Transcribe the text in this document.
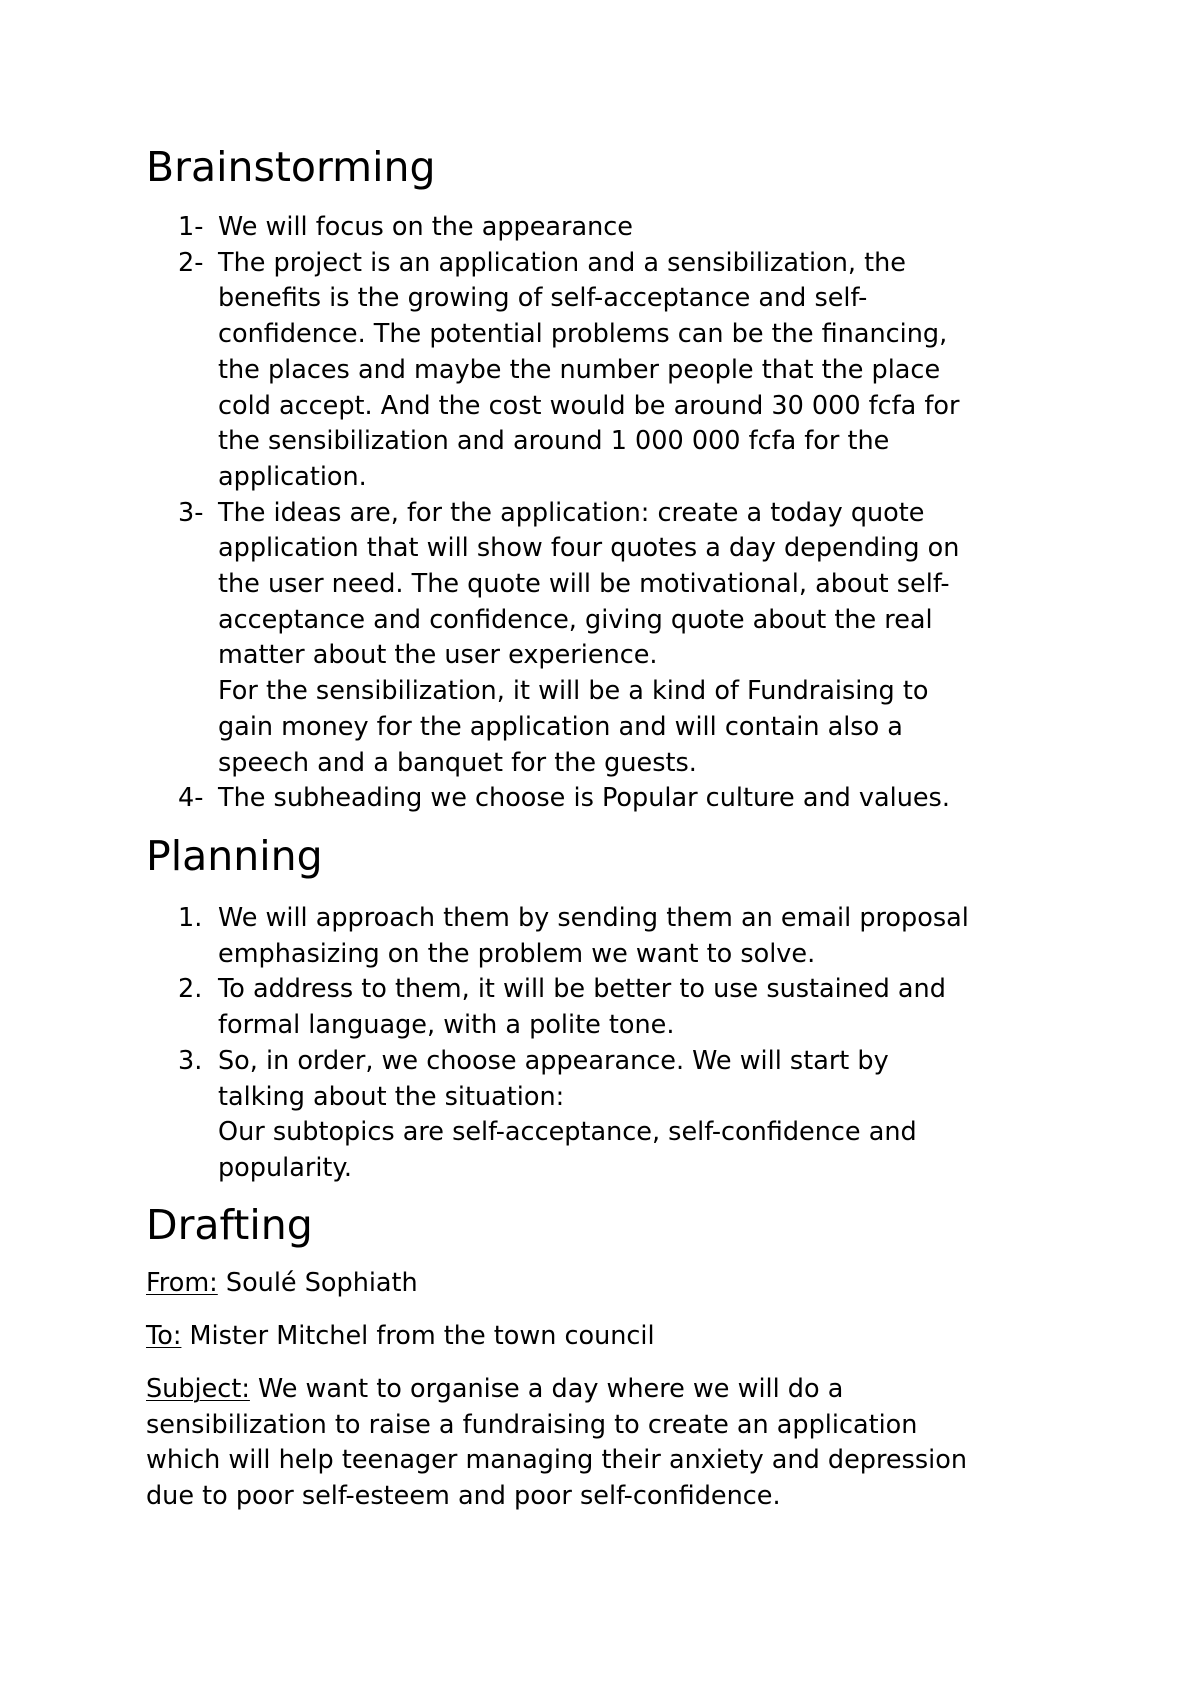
Brainstorming
1- We will focus on the appearance
2- The project is an application and a sensibilization, the
benefits is the growing of self-acceptance and self-
confidence. The potential problems can be the financing,
the places and maybe the number people that the place
cold accept. And the cost would be around 30 000 fcfa for
the sensibilization and around 1 000 000 fcfa for the
application.
3- The ideas are, for the application: create a today quote
application that will show four quotes a day depending on
the user need. The quote will be motivational, about self-
acceptance and confidence, giving quote about the real
matter about the user experience.
For the sensibilization, it will be a kind of Fundraising to
gain money for the application and will contain also a
speech and a banquet for the guests.
4- The subheading we choose is Popular culture and values.
Planning
1. We will approach them by sending them an email proposal
emphasizing on the problem we want to solve.
2. To address to them, it will be better to use sustained and
formal language, with a polite tone.
3. So, in order, we choose appearance. We will start by
talking about the situation:
Our subtopics are self-acceptance, self-confidence and
popularity.
Drafting

From: Soulé Sophiath

To: Mister Mitchel from the town council

Subject: We want to organise a day where we will do a
sensibilization to raise a fundraising to create an application
which will help teenager managing their anxiety and depression
due to poor self-esteem and poor self-confidence.
